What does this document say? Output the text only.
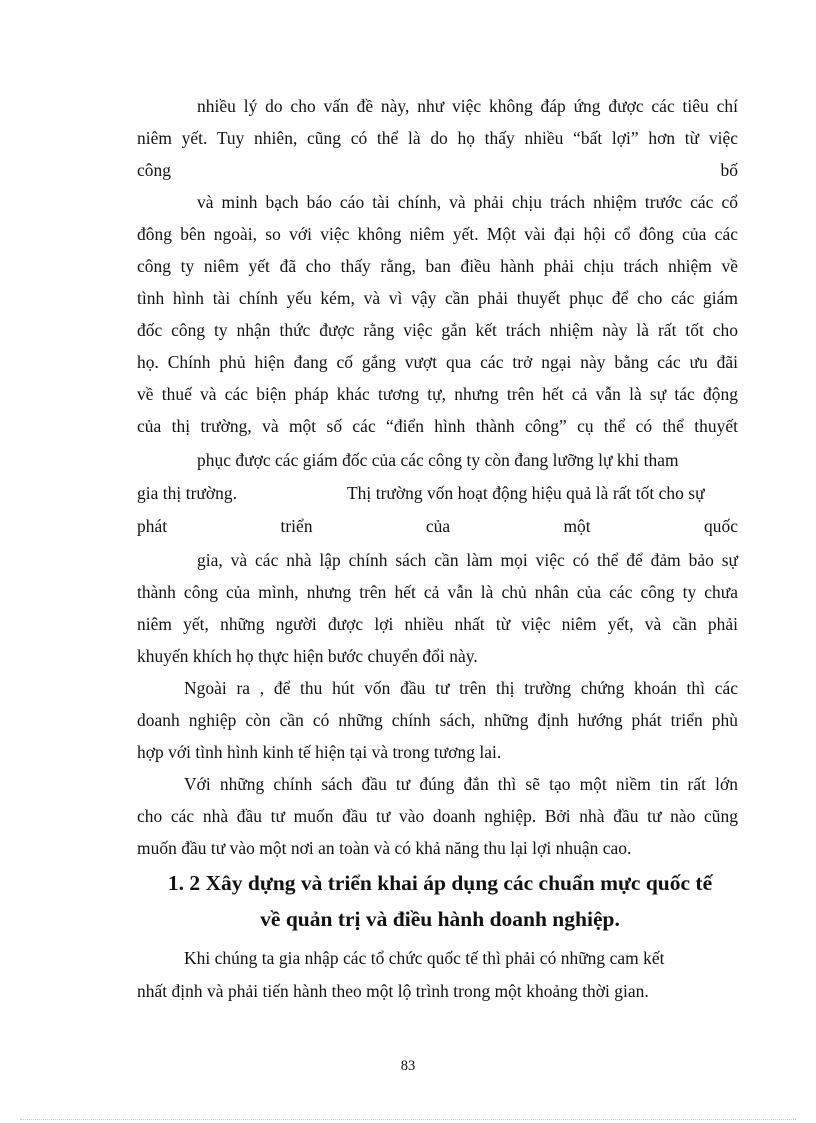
nhiều lý do cho vấn đề này, như việc không đáp ứng được các tiêu chí
niêm yết. Tuy nhiên, cũng có thể là do họ thấy nhiều “bất lợi” hơn từ việc
công bố
và minh bạch báo cáo tài chính, và phải chịu trách nhiệm trước các cổ
đông bên ngoài, so với việc không niêm yết. Một vài đại hội cổ đông của các
công ty niêm yết đã cho thấy rằng, ban điều hành phải chịu trách nhiệm về
tình hình tài chính yếu kém, và vì vậy cần phải thuyết phục để cho các giám
đốc công ty nhận thức được rằng việc gắn kết trách nhiệm này là rất tốt cho
họ. Chính phủ hiện đang cố gắng vượt qua các trở ngại này bằng các ưu đãi
về thuế và các biện pháp khác tương tự, nhưng trên hết cả vẫn là sự tác động
của thị trường, và một số các “điển hình thành công” cụ thể có thể thuyết
phục được các giám đốc của các công ty còn đang lưỡng lự khi tham
gia thị trường.	Thị trường vốn hoạt động hiệu quả là rất tốt cho sự
phát triển của một quốc
gia, và các nhà lập chính sách cần làm mọi việc có thể để đảm bảo sự
thành công của mình, nhưng trên hết cả vẫn là chủ nhân của các công ty chưa
niêm yết, những người được lợi nhiều nhất từ việc niêm yết, và cần phải
khuyến khích họ thực hiện bước chuyển đổi này.
Ngoài ra , để thu hút vốn đầu tư trên thị trường chứng khoán thì các
doanh nghiệp còn cần có những chính sách, những định hướng phát triển phù
hợp với tình hình kinh tế hiện tại và trong tương lai.
Với những chính sách đầu tư đúng đắn thì sẽ tạo một niềm tin rất lớn
cho các nhà đầu tư muốn đầu tư vào doanh nghiệp. Bởi nhà đầu tư nào cũng
muốn đầu tư vào một nơi an toàn và có khả năng thu lại lợi nhuận cao.
1. 2 Xây dựng và triển khai áp dụng các chuẩn mực quốc tế
về quản trị và điều hành doanh nghiệp.
Khi chúng ta gia nhập các tổ chức quốc tế thì phải có những cam kết
nhất định và phải tiến hành theo một lộ trình trong một khoảng thời gian.
83
